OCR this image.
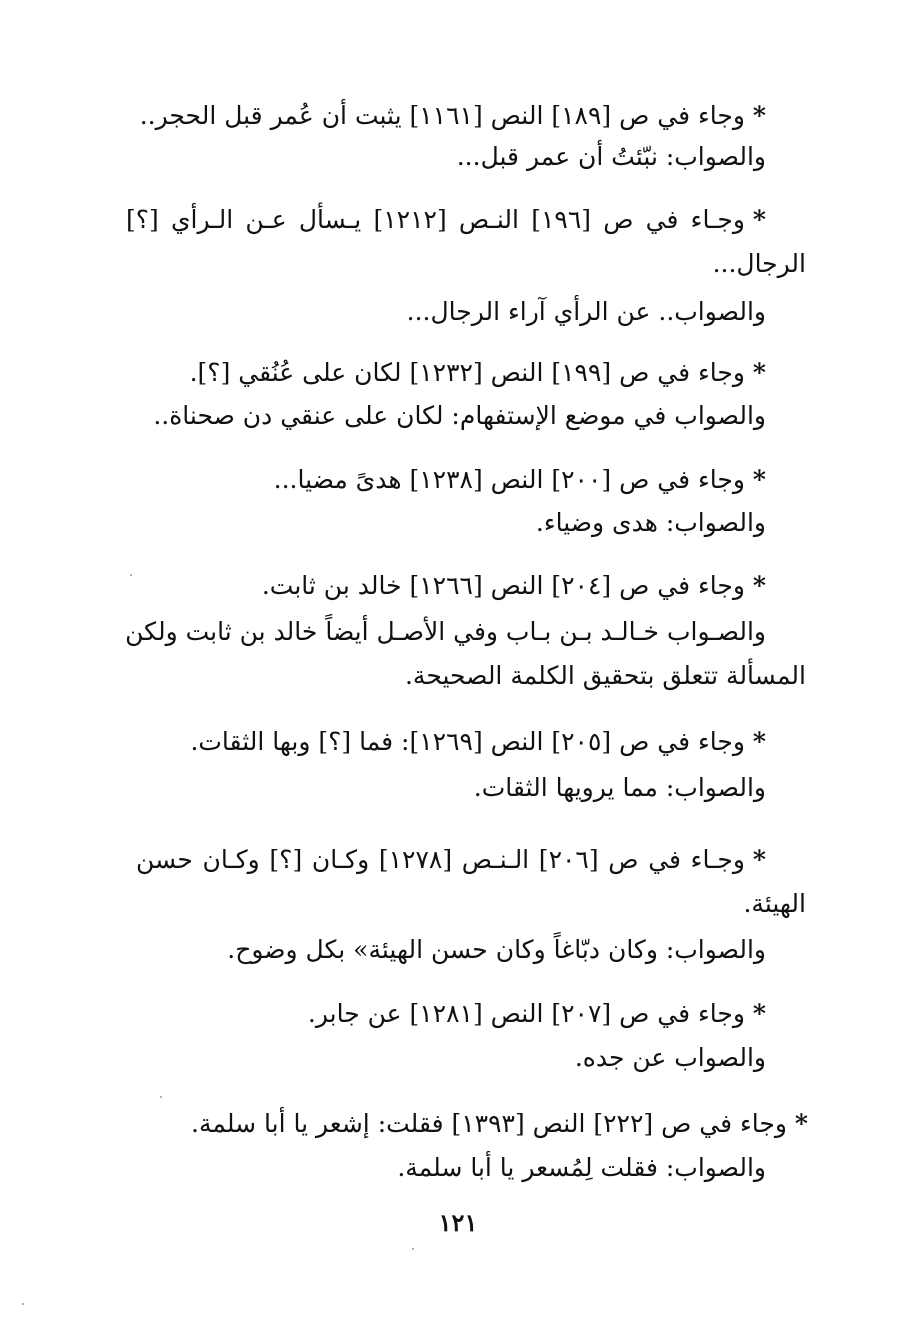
*وجاء في ص [١٨٩] النص [١١٦١] يثبت أن عُمر قبل الحجر..
والصواب: نبّئتُ أن عمر قبل...
*وجـاء في ص [١٩٦] النـص [١٢١٢] يـسأل عـن الـرأي [؟]
الرجال...
والصواب.. عن الرأي آراء الرجال...
*وجاء في ص [١٩٩] النص [١٢٣٢] لكان على عُنُقي [؟].
والصواب في موضع الإستفهام: لكان على عنقي دن صحناة..
*وجاء في ص [٢٠٠] النص [١٢٣٨] هدىً مضيا...
والصواب: هدى وضياء.
*وجاء في ص [٢٠٤] النص [١٢٦٦] خالد بن ثابت.
والصـواب خـالـد بـن بـاب وفي الأصـل أيضاً خالد بن ثابت ولكن
المسألة تتعلق بتحقيق الكلمة الصحيحة.
*وجاء في ص [٢٠٥] النص [١٢٦٩]: فما [؟] وبها الثقات.
والصواب: مما يرويها الثقات.
*وجـاء في ص [٢٠٦] الـنـص [١٢٧٨] وكـان [؟] وكـان حسن
الهيئة.
والصواب: وكان دبّاغاً وكان حسن الهيئة» بكل وضوح.
*وجاء في ص [٢٠٧] النص [١٢٨١] عن جابر.
والصواب عن جده.
*وجاء في ص [٢٢٢] النص [١٣٩٣] فقلت: إشعر يا أبا سلمة.
والصواب: فقلت لِمُسعر يا أبا سلمة.
١٢١
